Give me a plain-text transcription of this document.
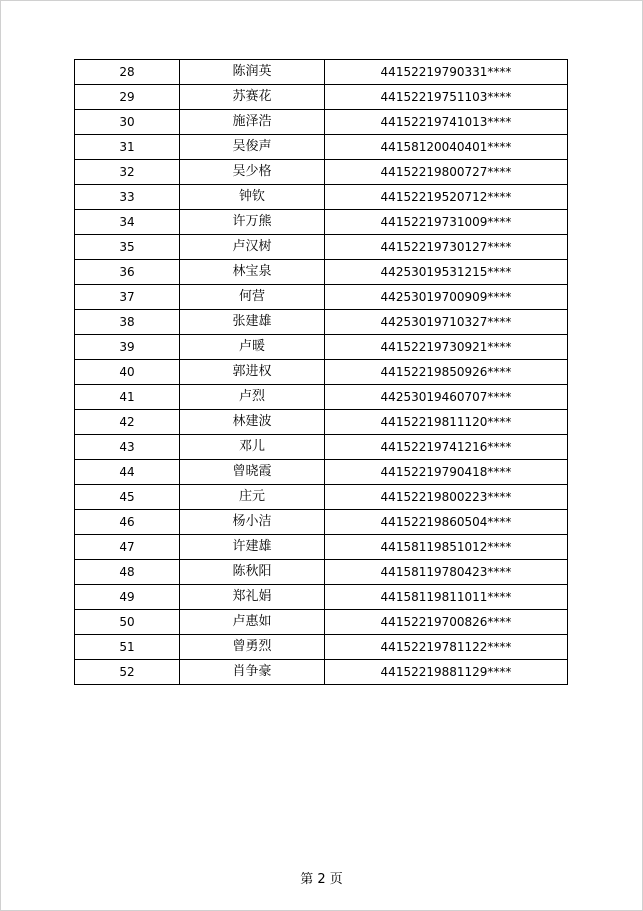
28	陈润英	44152219790331****
29	苏赛花	44152219751103****
30	施泽浩	44152219741013****
31	吴俊声	44158120040401****
32	吴少格	44152219800727****
33	钟钦	44152219520712****
34	许万熊	44152219731009****
35	卢汉树	44152219730127****
36	林宝泉	44253019531215****
37	何营	44253019700909****
38	张建雄	44253019710327****
39	卢暖	44152219730921****
40	郭进权	44152219850926****
41	卢烈	44253019460707****
42	林建波	44152219811120****
43	邓儿	44152219741216****
44	曾晓霞	44152219790418****
45	庄元	44152219800223****
46	杨小洁	44152219860504****
47	许建雄	44158119851012****
48	陈秋阳	44158119780423****
49	郑礼娟	44158119811011****
50	卢惠如	44152219700826****
51	曾勇烈	44152219781122****
52	肖争豪	44152219881129****
第 2 页
